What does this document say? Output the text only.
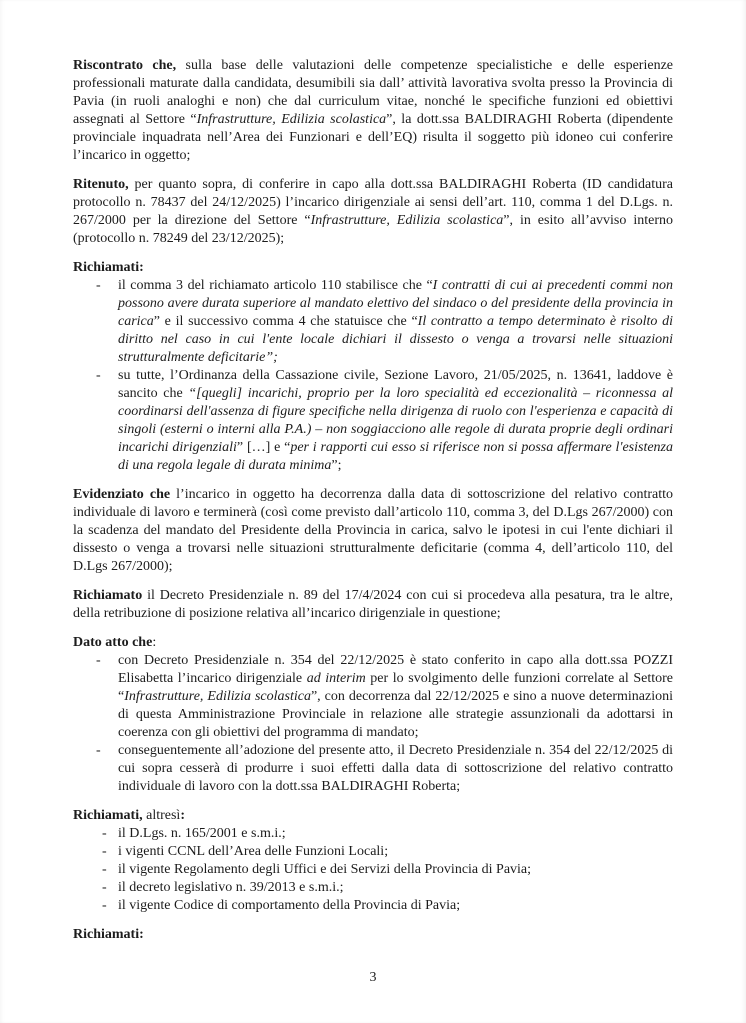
Riscontrato che, sulla base delle valutazioni delle competenze specialistiche e delle esperienze professionali maturate dalla candidata, desumibili sia dall’ attività lavorativa svolta presso la Provincia di Pavia (in ruoli analoghi e non) che dal curriculum vitae, nonché le specifiche funzioni ed obiettivi assegnati al Settore “Infrastrutture, Edilizia scolastica”, la dott.ssa BALDIRAGHI Roberta (dipendente provinciale inquadrata nell’Area dei Funzionari e dell’EQ) risulta il soggetto più idoneo cui conferire l’incarico in oggetto;

Ritenuto, per quanto sopra, di conferire in capo alla dott.ssa BALDIRAGHI Roberta (ID candidatura protocollo n. 78437 del 24/12/2025) l’incarico dirigenziale ai sensi dell’art. 110, comma 1 del D.Lgs. n. 267/2000 per la direzione del Settore “Infrastrutture, Edilizia scolastica”, in esito all’avviso interno (protocollo n. 78249 del 23/12/2025);

Richiamati:

- il comma 3 del richiamato articolo 110 stabilisce che “I contratti di cui ai precedenti commi non possono avere durata superiore al mandato elettivo del sindaco o del presidente della provincia in carica” e il successivo comma 4 che statuisce che “Il contratto a tempo determinato è risolto di diritto nel caso in cui l'ente locale dichiari il dissesto o venga a trovarsi nelle situazioni strutturalmente deficitarie”;
- su tutte, l’Ordinanza della Cassazione civile, Sezione Lavoro, 21/05/2025, n. 13641, laddove è sancito che “[quegli] incarichi, proprio per la loro specialità ed eccezionalità – riconnessa al coordinarsi dell'assenza di figure specifiche nella dirigenza di ruolo con l'esperienza e capacità di singoli (esterni o interni alla P.A.) – non soggiacciono alle regole di durata proprie degli ordinari incarichi dirigenziali” […] e “per i rapporti cui esso si riferisce non si possa affermare l'esistenza di una regola legale di durata minima”;

Evidenziato che l’incarico in oggetto ha decorrenza dalla data di sottoscrizione del relativo contratto individuale di lavoro e terminerà (così come previsto dall’articolo 110, comma 3, del D.Lgs 267/2000) con la scadenza del mandato del Presidente della Provincia in carica, salvo le ipotesi in cui l'ente dichiari il dissesto o venga a trovarsi nelle situazioni strutturalmente deficitarie (comma 4, dell’articolo 110, del D.Lgs 267/2000);

Richiamato il Decreto Presidenziale n. 89 del 17/4/2024 con cui si procedeva alla pesatura, tra le altre, della retribuzione di posizione relativa all’incarico dirigenziale in questione;

Dato atto che:

- con Decreto Presidenziale n. 354 del 22/12/2025 è stato conferito in capo alla dott.ssa POZZI Elisabetta l’incarico dirigenziale ad interim per lo svolgimento delle funzioni correlate al Settore “Infrastrutture, Edilizia scolastica”, con decorrenza dal 22/12/2025 e sino a nuove determinazioni di questa Amministrazione Provinciale in relazione alle strategie assunzionali da adottarsi in coerenza con gli obiettivi del programma di mandato;
- conseguentemente all’adozione del presente atto, il Decreto Presidenziale n. 354 del 22/12/2025 di cui sopra cesserà di produrre i suoi effetti dalla data di sottoscrizione del relativo contratto individuale di lavoro con la dott.ssa BALDIRAGHI Roberta;

Richiamati, altresì:

- il D.Lgs. n. 165/2001 e s.m.i.;
- i vigenti CCNL dell’Area delle Funzioni Locali;
- il vigente Regolamento degli Uffici e dei Servizi della Provincia di Pavia;
- il decreto legislativo n. 39/2013 e s.m.i.;
- il vigente Codice di comportamento della Provincia di Pavia;

Richiamati:

3
